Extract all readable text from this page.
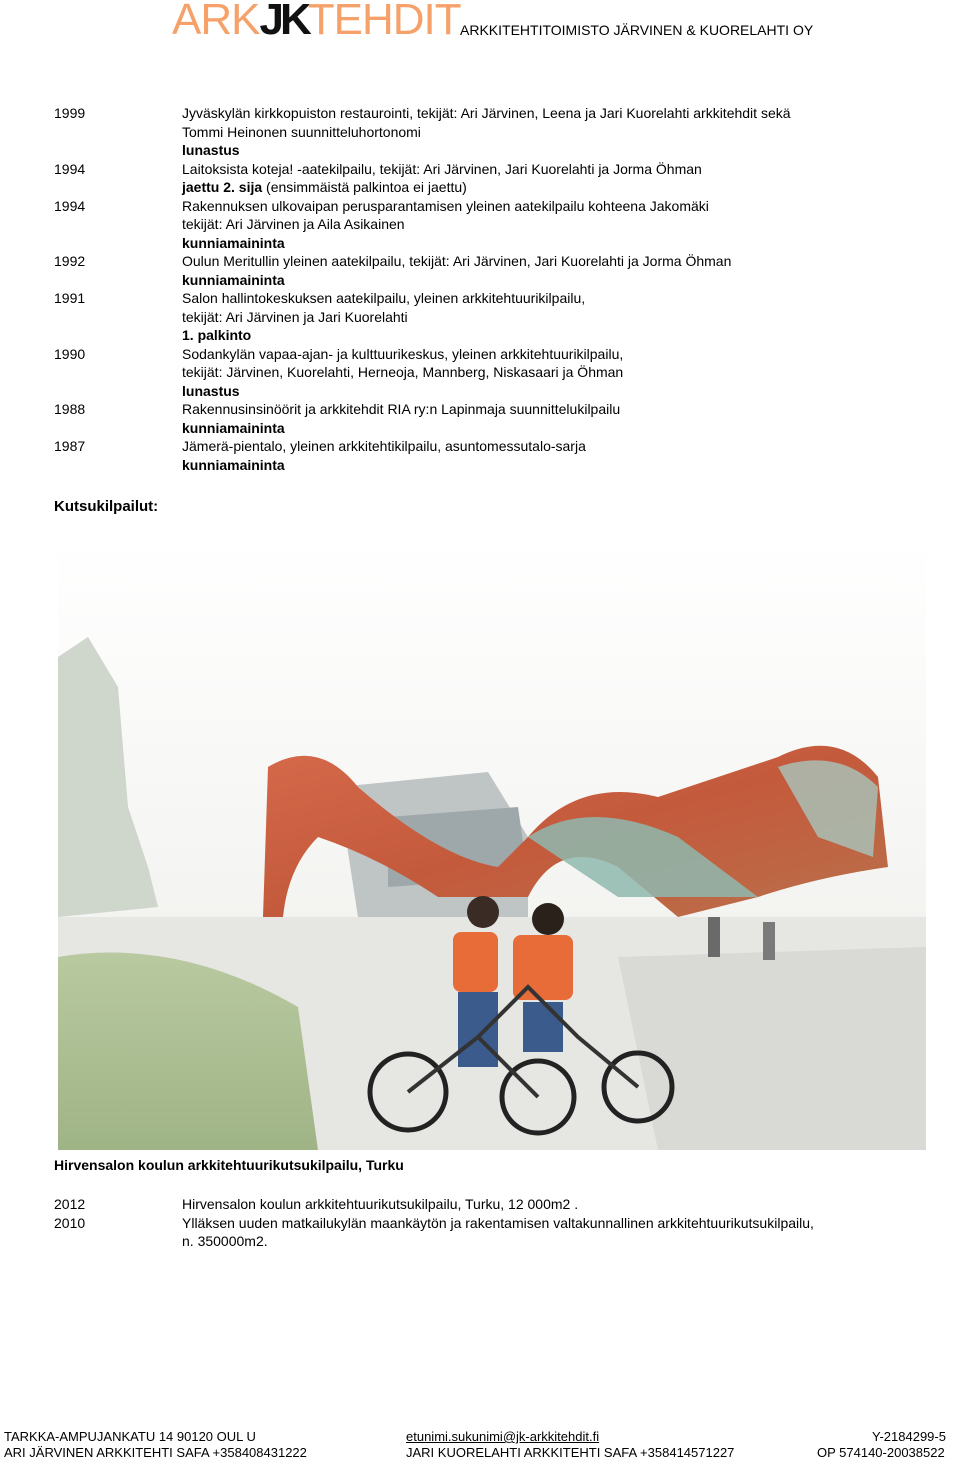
ARKJKTEHDIT ARKKITEHTITOIMISTO JÄRVINEN & KUORELAHTI OY
1999	Jyväskylän kirkkopuiston restaurointi, tekijät: Ari Järvinen, Leena ja Jari Kuorelahti arkkitehdit sekä
Tommi Heinonen suunnitteluhortonomi
lunastus
1994	Laitoksista koteja! -aatekilpailu, tekijät: Ari Järvinen, Jari Kuorelahti ja Jorma Öhman
jaettu 2. sija (ensimmäistä palkintoa ei jaettu)
1994	Rakennuksen ulkovaipan perusparantamisen yleinen aatekilpailu kohteena Jakomäki
tekijät: Ari Järvinen ja Aila Asikainen
kunniamaininta
1992	Oulun Meritullin yleinen aatekilpailu, tekijät: Ari Järvinen, Jari Kuorelahti ja Jorma Öhman
kunniamaininta
1991	Salon hallintokeskuksen aatekilpailu, yleinen arkkitehtuurikilpailu,
tekijät: Ari Järvinen ja Jari Kuorelahti
1. palkinto
1990	Sodankylän vapaa-ajan- ja kulttuurikeskus, yleinen arkkitehtuurikilpailu,
tekijät: Järvinen, Kuorelahti, Herneoja, Mannberg, Niskasaari ja Öhman
lunastus
1988	Rakennusinsinöörit ja arkkitehdit RIA ry:n Lapinmaja suunnittelukilpailu
kunniamaininta
1987	Jämerä-pientalo, yleinen arkkitehtikilpailu, asuntomessutalo-sarja
kunniamaininta
Kutsukilpailut:
Hirvensalon koulun arkkitehtuurikutsukilpailu, Turku
2012	Hirvensalon koulun arkkitehtuurikutsukilpailu, Turku, 12 000m2 .
2010	Ylläksen uuden matkailukylän maankäytön ja rakentamisen valtakunnallinen arkkitehtuurikutsukilpailu,
n. 350000m2.
TARKKA-AMPUJANKATU 14 90120 OUL U	etunimi.sukunimi@jk-arkkitehdit.fi	Y-2184299-5
ARI JÄRVINEN ARKKITEHTI SAFA +358408431222	JARI KUORELAHTI ARKKITEHTI SAFA +358414571227	OP 574140-20038522
